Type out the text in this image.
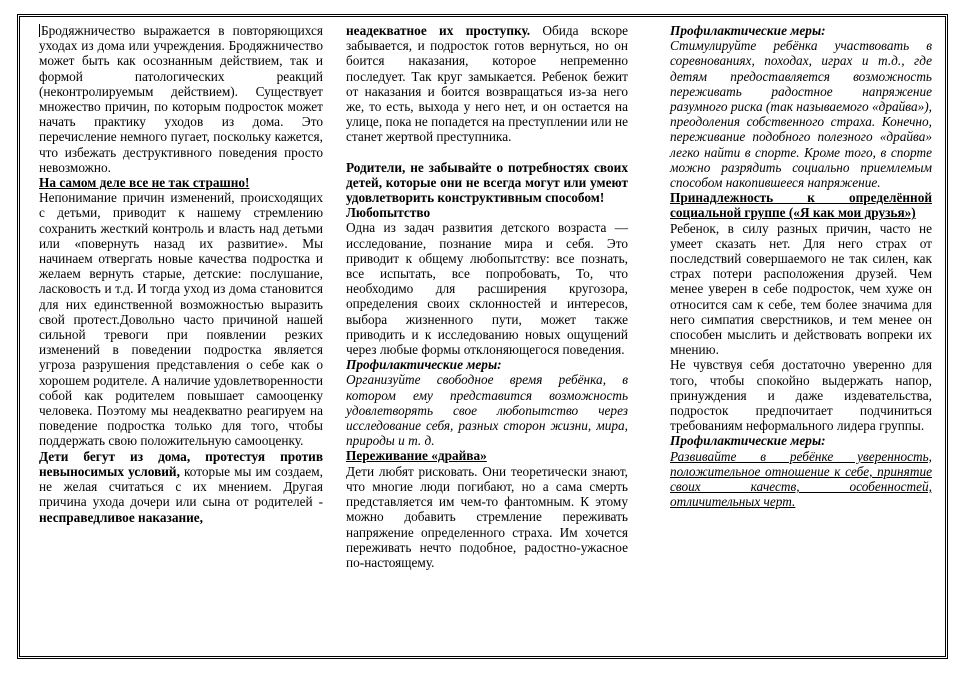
Бродяжничество выражается в повторяющихся уходах из дома или учреждения. Бродяжничество может быть как осознанным действием, так и формой патологических реакций (неконтролируемым действием). Существует множество причин, по которым подросток может начать практику уходов из дома. Это перечисление немного пугает, поскольку кажется, что избежать деструктивного поведения просто невозможно.

На самом деле все не так страшно!

Непонимание причин изменений, происходящих с детьми, приводит к нашему стремлению сохранить жесткий контроль и власть над детьми или «повернуть назад их развитие». Мы начинаем отвергать новые качества подростка и желаем вернуть старые, детские: послушание, ласковость и т.д. И тогда уход из дома становится для них единственной возможностью выразить свой протест.Довольно часто причиной нашей сильной тревоги при появлении резких изменений в поведении подростка является угроза разрушения представления о себе как о хорошем родителе. А наличие удовлетворенности собой как родителем повышает самооценку человека. Поэтому мы неадекватно реагируем на поведение подростка только для того, чтобы поддержать свою положительную самооценку.

Дети бегут из дома, протестуя против невыносимых условий, которые мы им создаем, не желая считаться с их мнением. Другая причина ухода дочери или сына от родителей - несправедливое наказание,

неадекватное их проступку. Обида вскоре забывается, и подросток готов вернуться, но он боится наказания, которое непременно последует. Так круг замыкается. Ребенок бежит от наказания и боится возвращаться из-за него же, то есть, выхода у него нет, и он остается на улице, пока не попадется на преступлении или не станет жертвой преступника.

Родители, не забывайте о потребностях своих детей, которые они не всегда могут или умеют удовлетворить конструктивным способом!

Любопытство

Одна из задач развития детского возраста — исследование, познание мира и себя. Это приводит к общему любопытству: все познать, все испытать, все попробовать, То, что необходимо для расширения кругозора, определения своих склонностей и интересов, выбора жизненного пути, может также приводить и к исследованию новых ощущений через любые формы отклоняющегося поведения.

Профилактические меры:

Организуйте свободное время ребёнка, в котором ему представится возможность удовлетворять свое любопытство через исследование себя, разных сторон жизни, мира, природы и т. д.

Переживание «драйва»

Дети любят рисковать. Они теоретически знают, что многие люди погибают, но а сама смерть представляется им чем-то фантомным. К этому можно добавить стремление переживать напряжение определенного страха. Им хочется переживать нечто подобное, радостно-ужасное по-настоящему.

Профилактические меры:

Стимулируйте ребёнка участвовать в соревнованиях, походах, играх и т.д., где детям предоставляется возможность переживать радостное напряжение разумного риска (так называемого «драйва»), преодоления собственного страха. Конечно, переживание подобного полезного «драйва» легко найти в спорте. Кроме того, в спорте можно разрядить социально приемлемым способом накопившееся напряжение.

Принадлежность к определённой социальной группе («Я как мои друзья»)

Ребенок, в силу разных причин, часто не умеет сказать нет. Для него страх от последствий совершаемого не так силен, как страх потери расположения друзей. Чем менее уверен в себе подросток, чем хуже он относится сам к себе, тем более значима для него симпатия сверстников, и тем менее он способен мыслить и действовать вопреки их мнению.

Не чувствуя себя достаточно уверенно для того, чтобы спокойно выдержать напор, принуждения и даже издевательства, подросток предпочитает подчиниться требованиям неформального лидера группы.

Профилактические меры:

Развивайте в ребёнке уверенность, положительное отношение к себе, принятие своих качеств, особенностей, отличительных черт.
